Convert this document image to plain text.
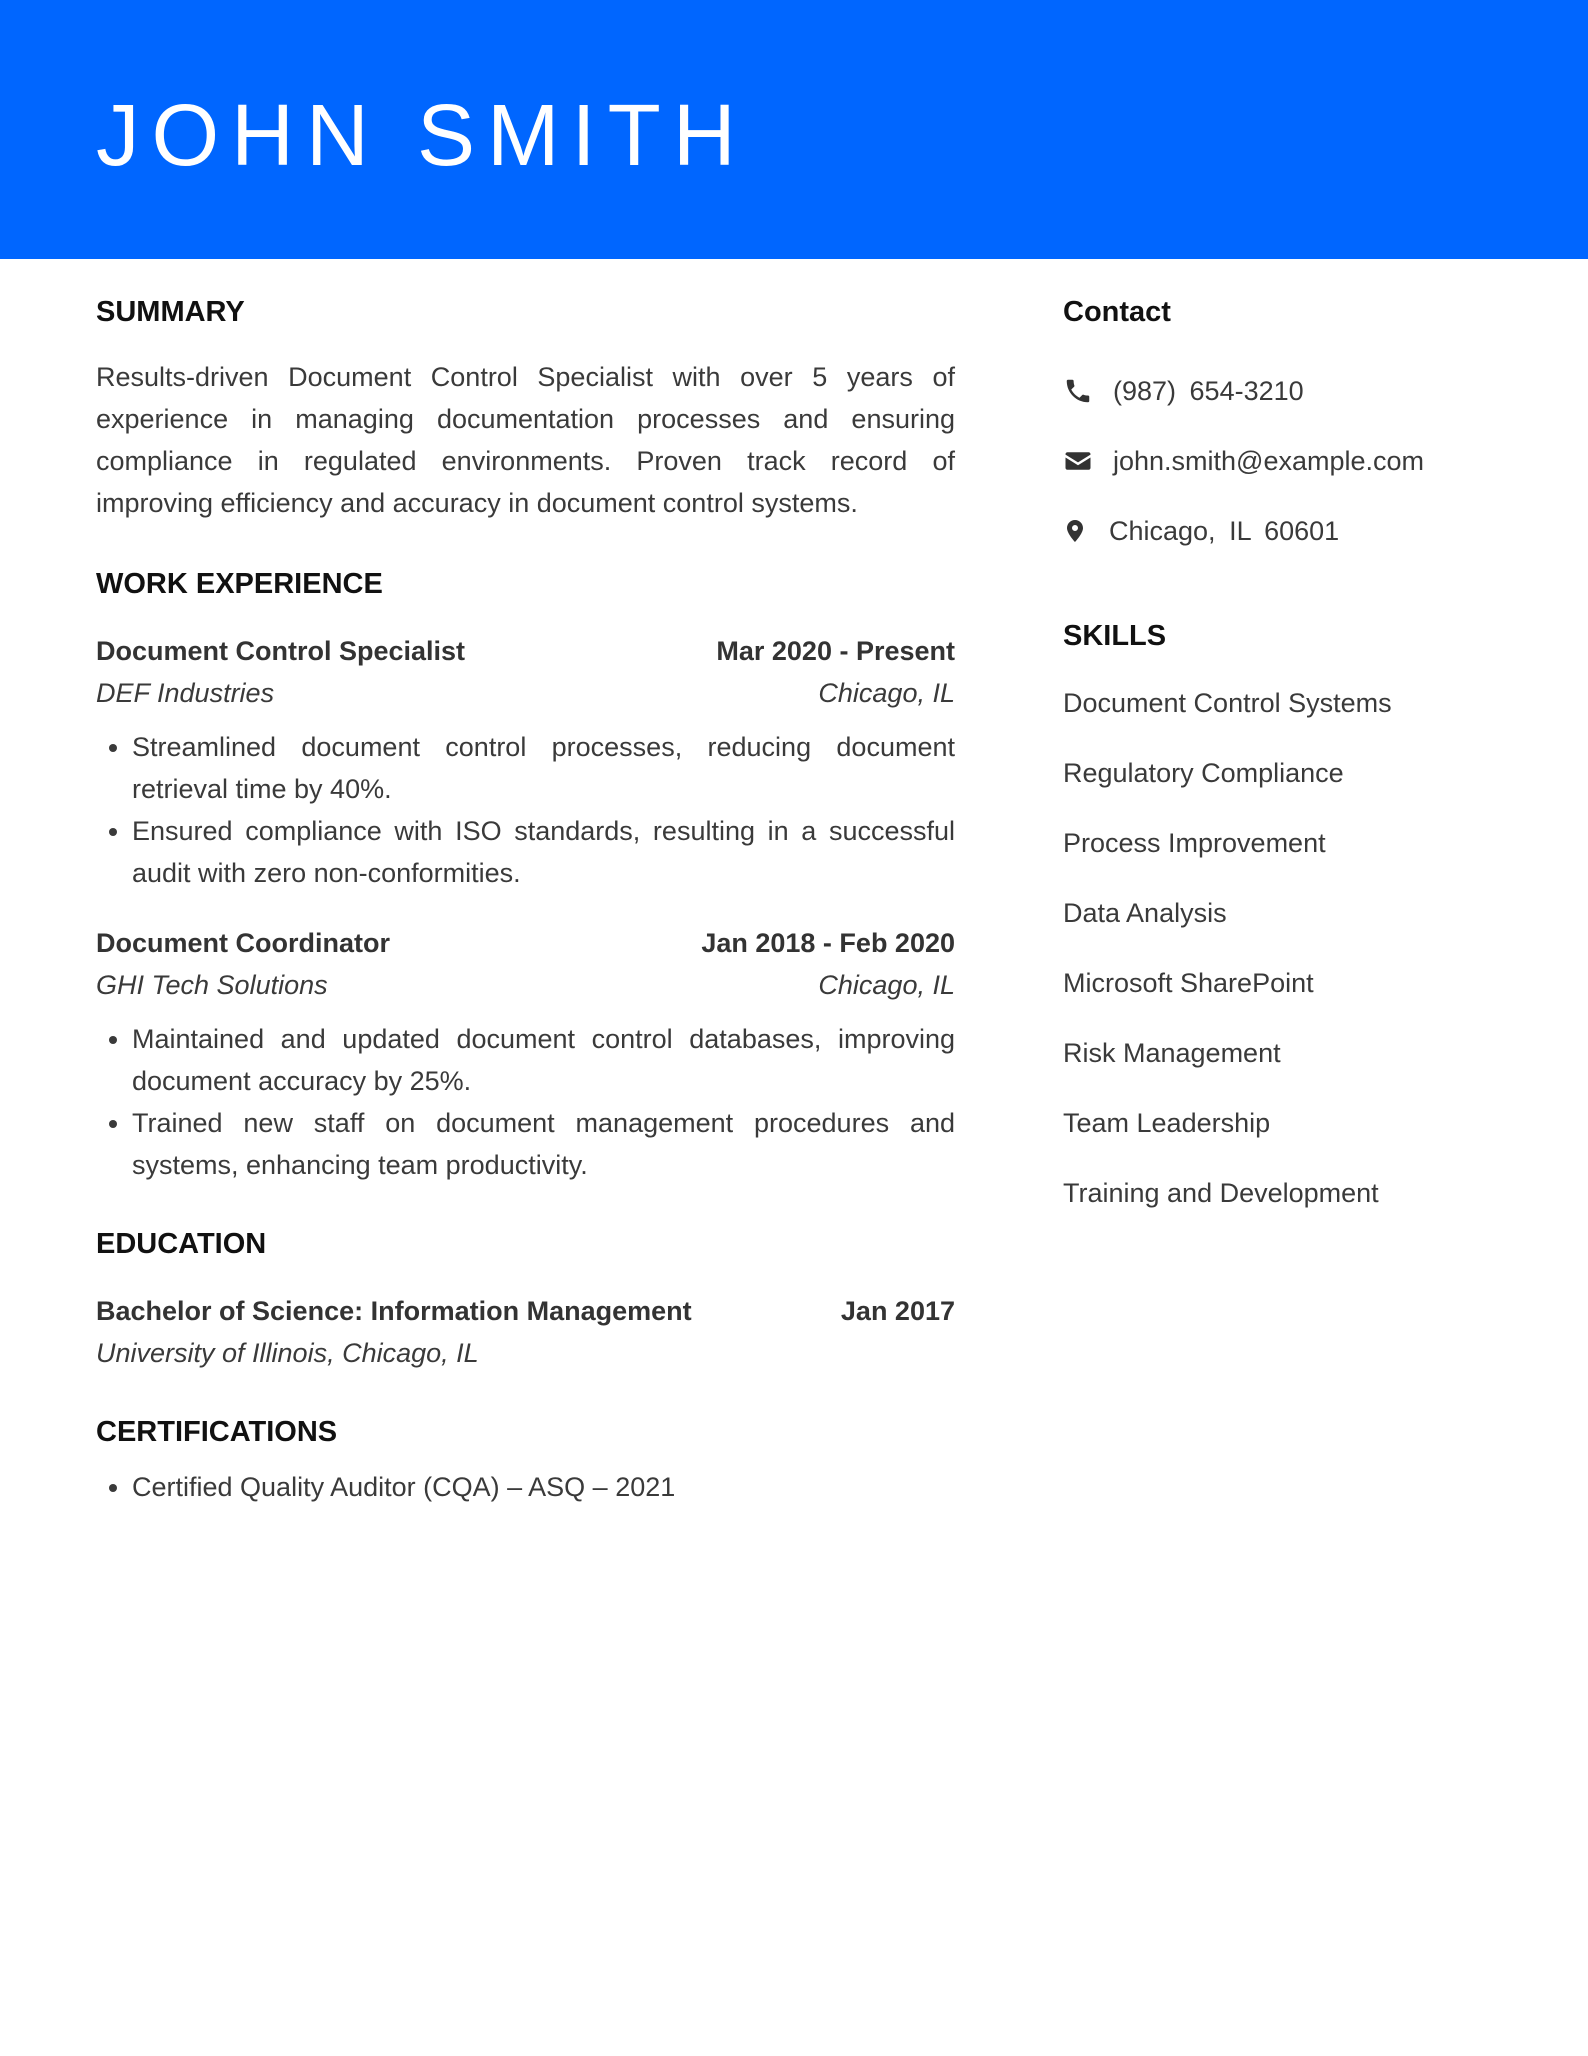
JOHN SMITH
SUMMARY

Results-driven Document Control Specialist with over 5 years of experience in managing documentation processes and ensuring compliance in regulated environments. Proven track record of improving efficiency and accuracy in document control systems.

WORK EXPERIENCE
Document Control Specialist	Mar 2020 - Present
DEF Industries	Chicago, IL
• Streamlined document control processes, reducing document retrieval time by 40%.
• Ensured compliance with ISO standards, resulting in a successful audit with zero non-conformities.
Document Coordinator	Jan 2018 - Feb 2020
GHI Tech Solutions	Chicago, IL
• Maintained and updated document control databases, improving document accuracy by 25%.
• Trained new staff on document management procedures and systems, enhancing team productivity.
EDUCATION
Bachelor of Science: Information Management	Jan 2017
University of Illinois, Chicago, IL
CERTIFICATIONS
• Certified Quality Auditor (CQA) – ASQ – 2021
Contact
(987) 654-3210
john.smith@example.com
Chicago, IL 60601
SKILLS
Document Control Systems
Regulatory Compliance
Process Improvement
Data Analysis
Microsoft SharePoint
Risk Management
Team Leadership
Training and Development
